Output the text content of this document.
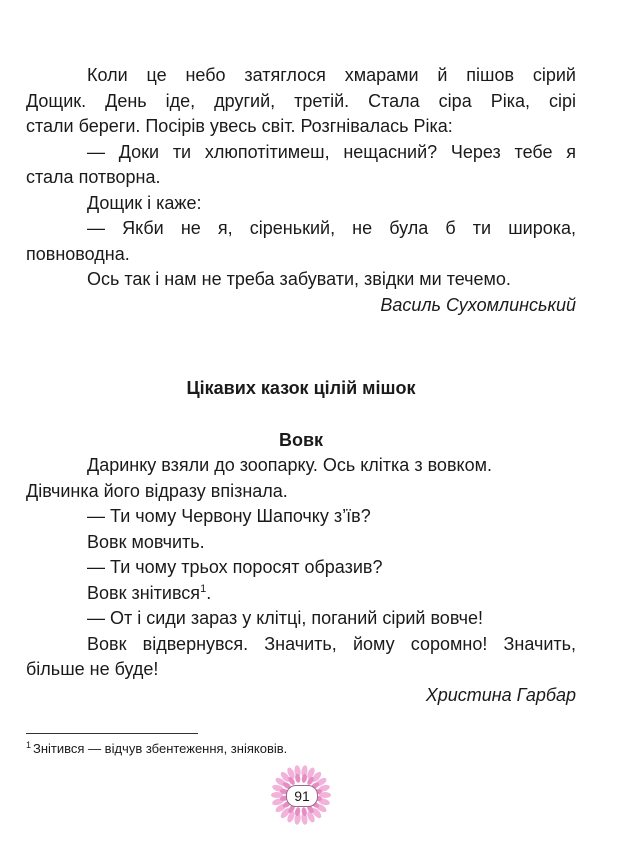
Коли це небо затяглося хмарами й пішов сірий
Дощик. День іде, другий, третій. Стала сіра Ріка, сірі
стали береги. Посірів увесь світ. Розгнівалась Ріка:
— Доки ти хлюпотітимеш, нещасний? Через тебе я
стала потворна.
Дощик і каже:
— Якби не я, сіренький, не була б ти широка,
повноводна.
Ось так і нам не треба забувати, звідки ми течемо.
Василь Сухомлинський
Цікавих казок цілій мішок
Вовк
Даринку взяли до зоопарку. Ось клітка з вовком.
Дівчинка його відразу впізнала.
— Ти чому Червону Шапочку з’їв?
Вовк мовчить.
— Ти чому трьох поросят образив?
Вовк знітився$^1$.
— От і сиди зараз у клітці, поганий сірий вовче!
Вовк відвернувся. Значить, йому соромно! Значить,
більше не буде!
Христина Гарбар
$^1$ Знітився — відчув збентеження, зніяковів.
91
